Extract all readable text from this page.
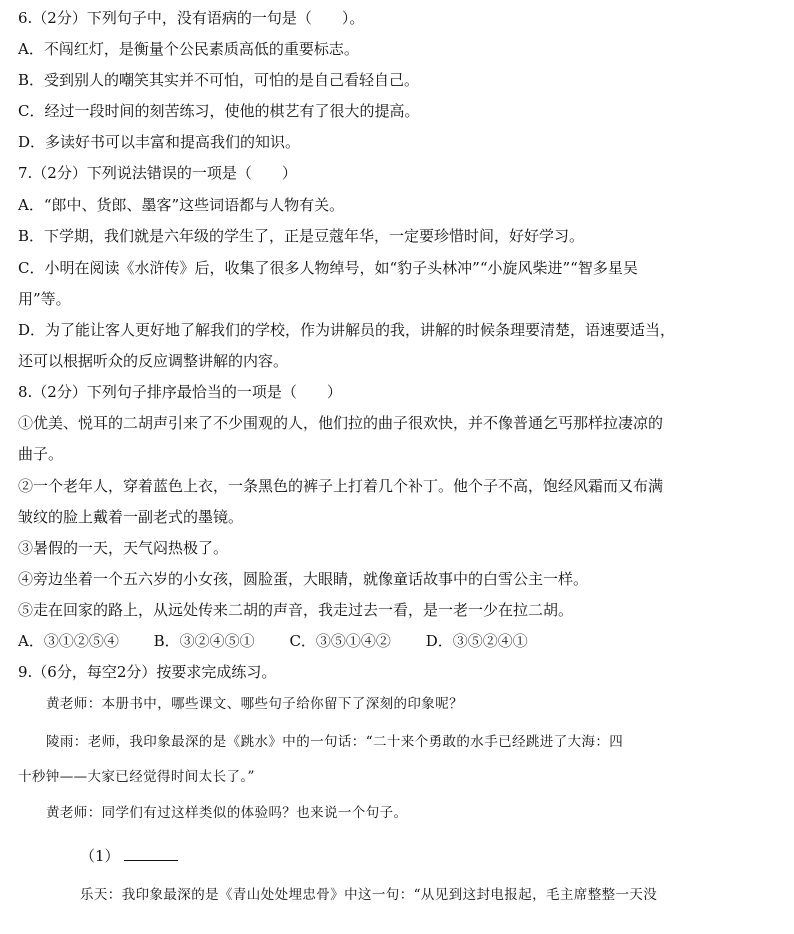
6.（2分）下列句子中，没有语病的一句是（　　）。
A．不闯红灯，是衡量个公民素质高低的重要标志。
B．受到别人的嘲笑其实并不可怕，可怕的是自己看轻自己。
C．经过一段时间的刻苦练习，使他的棋艺有了很大的提高。
D．多读好书可以丰富和提高我们的知识。
7.（2分）下列说法错误的一项是（　　）
A．“郎中、货郎、墨客”这些词语都与人物有关。
B．下学期，我们就是六年级的学生了，正是豆蔻年华，一定要珍惜时间，好好学习。
C．小明在阅读《水浒传》后，收集了很多人物绰号，如“豹子头林冲”“小旋风柴进”“智多星吴
用”等。
D．为了能让客人更好地了解我们的学校，作为讲解员的我，讲解的时候条理要清楚，语速要适当，
还可以根据听众的反应调整讲解的内容。
8.（2分）下列句子排序最恰当的一项是（　　）
①优美、悦耳的二胡声引来了不少围观的人，他们拉的曲子很欢快，并不像普通乞丐那样拉凄凉的
曲子。
②一个老年人，穿着蓝色上衣，一条黑色的裤子上打着几个补丁。他个子不高，饱经风霜而又布满
皱纹的脸上戴着一副老式的墨镜。
③暑假的一天，天气闷热极了。
④旁边坐着一个五六岁的小女孩，圆脸蛋，大眼睛，就像童话故事中的白雪公主一样。
⑤走在回家的路上，从远处传来二胡的声音，我走过去一看，是一老一少在拉二胡。
A．③①②⑤④ B．③②④⑤① C．③⑤①④② D．③⑤②④①
9.（6分，每空2分）按要求完成练习。
黄老师：本册书中，哪些课文、哪些句子给你留下了深刻的印象呢？
陵雨：老师，我印象最深的是《跳水》中的一句话：“二十来个勇敢的水手已经跳进了大海：四
十秒钟——大家已经觉得时间太长了。”
黄老师：同学们有过这样类似的体验吗？也来说一个句子。
（1）
乐天：我印象最深的是《青山处处埋忠骨》中这一句：“从见到这封电报起，毛主席整整一天没
